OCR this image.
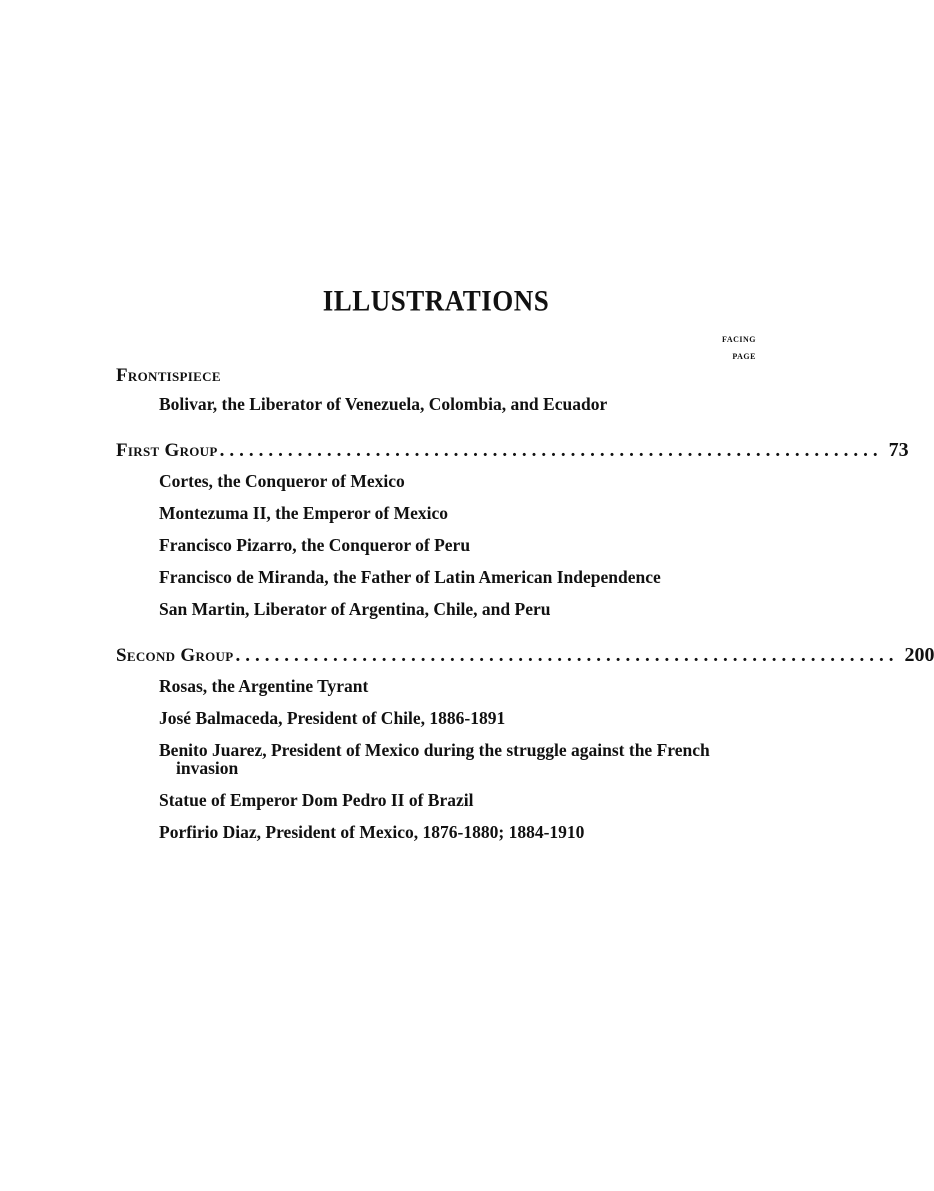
ILLUSTRATIONS
FACING
PAGE
Frontispiece
Bolivar, the Liberator of Venezuela, Colombia, and Ecuador
First Group .................................................................... 73
Cortes, the Conqueror of Mexico
Montezuma II, the Emperor of Mexico
Francisco Pizarro, the Conqueror of Peru
Francisco de Miranda, the Father of Latin American Independence
San Martin, Liberator of Argentina, Chile, and Peru
Second Group .................................................................... 200
Rosas, the Argentine Tyrant
José Balmaceda, President of Chile, 1886-1891
Benito Juarez, President of Mexico during the struggle against the French invasion
Statue of Emperor Dom Pedro II of Brazil
Porfirio Diaz, President of Mexico, 1876-1880; 1884-1910
